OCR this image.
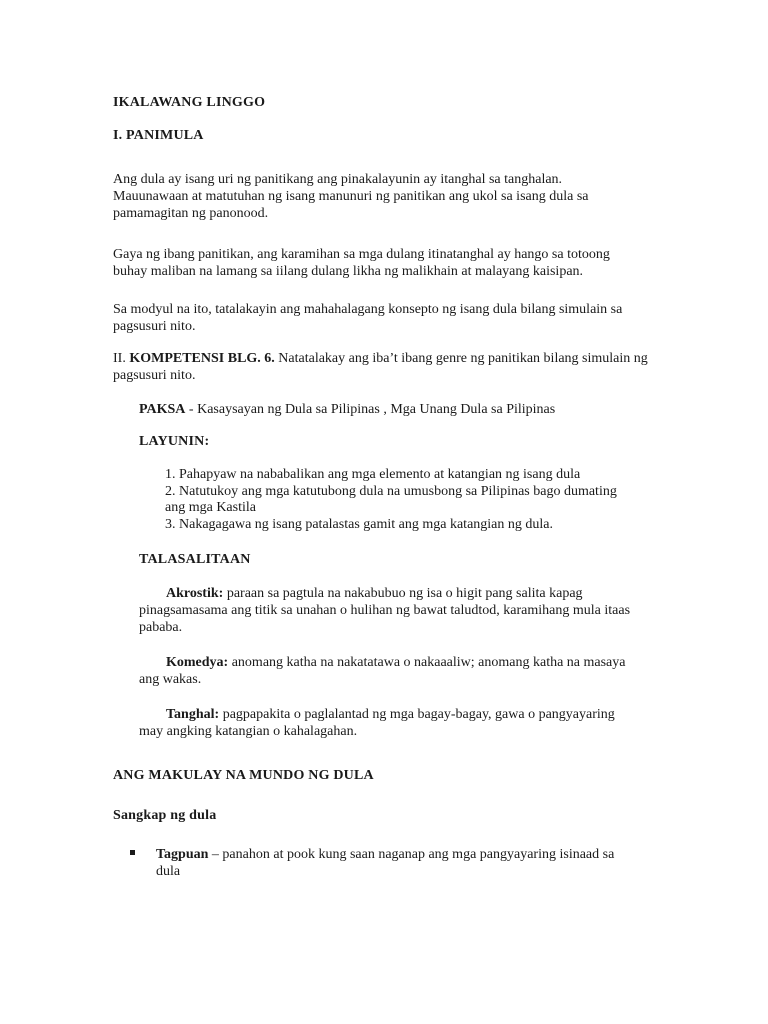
IKALAWANG LINGGO
I. PANIMULA
Ang dula ay isang uri ng panitikang ang pinakalayunin ay itanghal sa tanghalan.
Mauunawaan at matutuhan ng isang manunuri ng panitikan ang ukol sa isang dula sa
pamamagitan ng panonood.
Gaya ng ibang panitikan, ang karamihan sa mga dulang itinatanghal ay hango sa totoong
buhay maliban na lamang sa iilang dulang likha ng malikhain at malayang kaisipan.
Sa modyul na ito, tatalakayin ang mahahalagang konsepto ng isang dula bilang simulain sa
pagsusuri nito.
II. KOMPETENSI BLG. 6. Natatalakay ang iba’t ibang genre ng panitikan bilang simulain ng
pagsusuri nito.
PAKSA - Kasaysayan ng Dula sa Pilipinas , Mga Unang Dula sa Pilipinas
LAYUNIN:
1. Pahapyaw na nababalikan ang mga elemento at katangian ng isang dula
2. Natutukoy ang mga katutubong dula na umusbong sa Pilipinas bago dumating
ang mga Kastila
3. Nakagagawa ng isang patalastas gamit ang mga katangian ng dula.
TALASALITAAN
Akrostik: paraan sa pagtula na nakabubuo ng isa o higit pang salita kapag
pinagsamasama ang titik sa unahan o hulihan ng bawat taludtod, karamihang mula itaas
pababa.
Komedya: anomang katha na nakatatawa o nakaaaliw; anomang katha na masaya
ang wakas.
Tanghal: pagpapakita o paglalantad ng mga bagay-bagay, gawa o pangyayaring
may angking katangian o kahalagahan.
ANG MAKULAY NA MUNDO NG DULA
Sangkap ng dula
Tagpuan – panahon at pook kung saan naganap ang mga pangyayaring isinaad sa
dula
